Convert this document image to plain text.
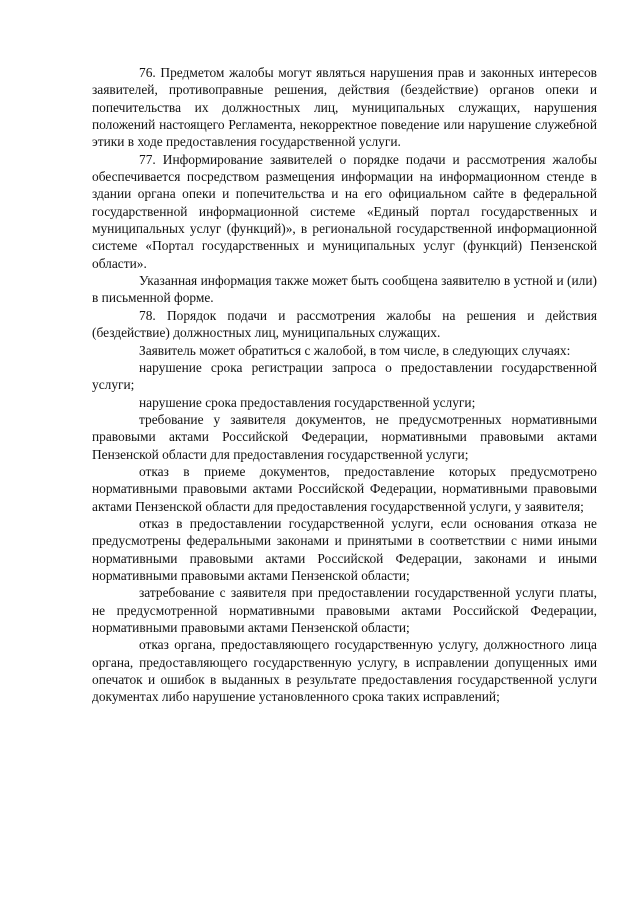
76. Предметом жалобы могут являться нарушения прав и законных интересов заявителей, противоправные решения, действия (бездействие) органов опеки и попечительства их должностных лиц, муниципальных служащих, нарушения положений настоящего Регламента, некорректное поведение или нарушение служебной этики в ходе предоставления государственной услуги.

77. Информирование заявителей о порядке подачи и рассмотрения жалобы обеспечивается посредством размещения информации на информационном стенде в здании органа опеки и попечительства и на его официальном сайте в федеральной государственной информационной системе «Единый портал государственных и муниципальных услуг (функций)», в региональной государственной информационной системе «Портал государственных и муниципальных услуг (функций) Пензенской области».

Указанная информация также может быть сообщена заявителю в устной и (или) в письменной форме.

78. Порядок подачи и рассмотрения жалобы на решения и действия (бездействие) должностных лиц, муниципальных служащих.

Заявитель может обратиться с жалобой, в том числе, в следующих случаях:

нарушение срока регистрации запроса о предоставлении государственной услуги;

нарушение срока предоставления государственной услуги;

требование у заявителя документов, не предусмотренных нормативными правовыми актами Российской Федерации, нормативными правовыми актами Пензенской области для предоставления государственной услуги;

отказ в приеме документов, предоставление которых предусмотрено нормативными правовыми актами Российской Федерации, нормативными правовыми актами Пензенской области для предоставления государственной услуги, у заявителя;

отказ в предоставлении государственной услуги, если основания отказа не предусмотрены федеральными законами и принятыми в соответствии с ними иными нормативными правовыми актами Российской Федерации, законами и иными нормативными правовыми актами Пензенской области;

затребование с заявителя при предоставлении государственной услуги платы, не предусмотренной нормативными правовыми актами Российской Федерации, нормативными правовыми актами Пензенской области;

отказ органа, предоставляющего государственную услугу, должностного лица органа, предоставляющего государственную услугу, в исправлении допущенных ими опечаток и ошибок в выданных в результате предоставления государственной услуги документах либо нарушение установленного срока таких исправлений;
